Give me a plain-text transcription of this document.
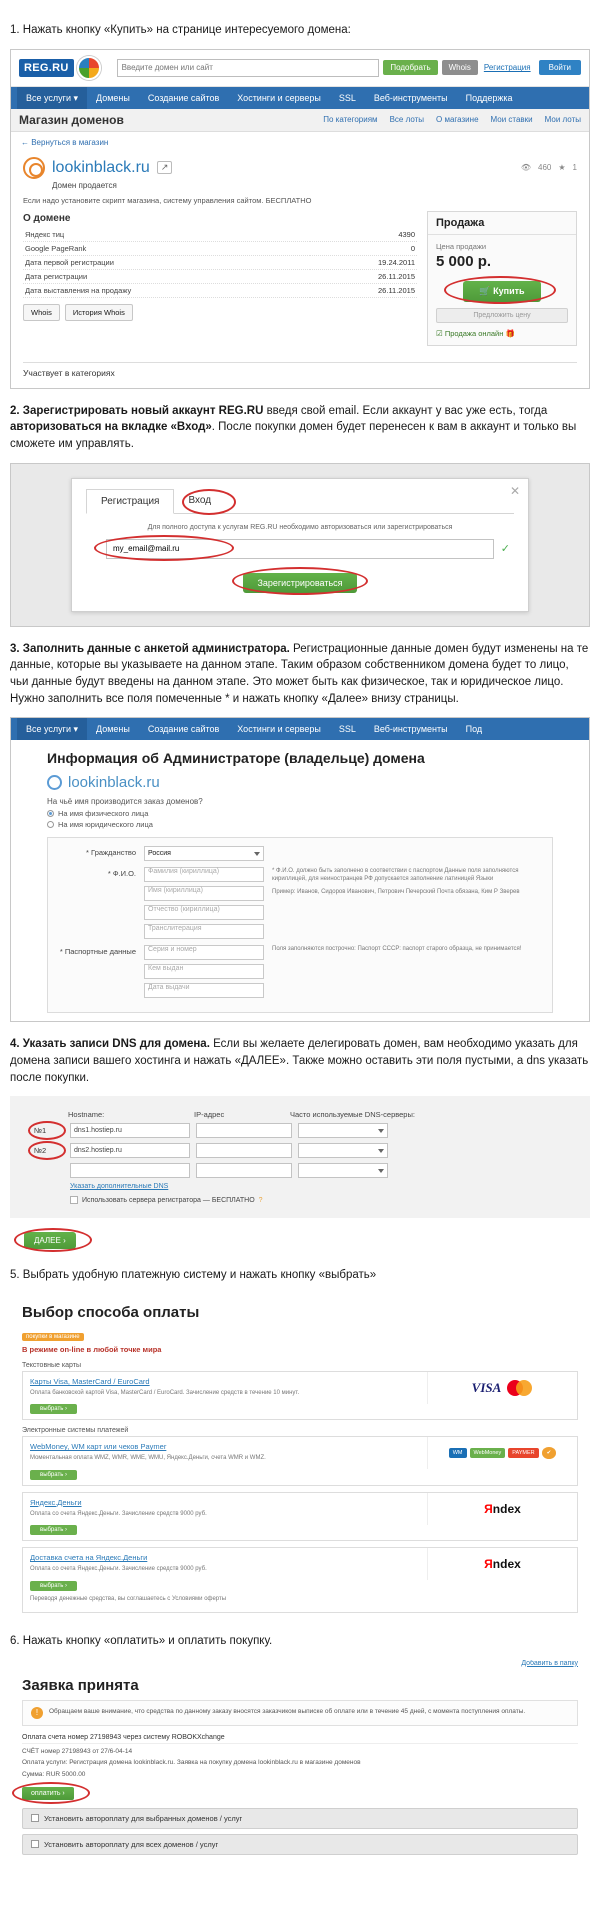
1. Нажать кнопку «Купить» на странице интересуемого домена:
REG.RU
Введите домен или сайт	Подобрать	Whois	Регистрация	Войти
Все услуги ▾	Домены	Создание сайтов	Хостинги и серверы	SSL	Веб-инструменты	Поддержка
Магазин доменов	По категориям Все лоты О магазине Мои ставки Мои лоты
← Вернуться в магазин
lookinblack.ru	↗	👁 460 ★ 1
Домен продается
Если надо установите скрипт магазина, систему управления сайтом. БЕСПЛАТНО
О домене
Яндекс тиц	4390
Google PageRank	0
Дата первой регистрации	19.24.2011
Дата регистрации	26.11.2015
Дата выставления на продажу	26.11.2015
Whois	История Whois
Продажа
Цена продажи
5 000 р.
🛒 Купить
Предложить цену
☑ Продажа онлайн 🎁
Участвует в категориях
2. Зарегистрировать новый аккаунт REG.RU введя свой email. Если аккаунт у вас уже есть, тогда авторизоваться на вкладке «Вход». После покупки домен будет перенесен к вам в аккаунт и только вы сможете им управлять.
✕
Регистрация	Вход

Для полного доступа к услугам REG.RU необходимо авторизоваться или зарегистрироваться

my_email@mail.ru
✓
Зарегистрироваться
3. Заполнить данные с анкетой администратора. Регистрационные данные домен будут изменены на те данные, которые вы указываете на данном этапе. Таким образом собственником домена будет то лицо, чьи данные будут введены на данном этапе. Это может быть как физическое, так и юридическое лицо. Нужно заполнить все поля помеченные * и нажать кнопку «Далее» внизу страницы.
Все услуги ▾	Домены	Создание сайтов	Хостинги и серверы	SSL	Веб-инструменты	Под
Информация об Администраторе (владельце) домена
lookinblack.ru
На чьё имя производится заказ доменов?
На имя физического лица
На имя юридического лица
* Гражданство Россия
* Ф.И.О.	Фамилия (кириллица)
Имя (кириллица)
Отчество (кириллица)
Транслитерация
* Ф.И.О. должно быть заполнено в соответствии с паспортом Данные поля заполняются кириллицей, для неиностранцев РФ допускается заполнение латиницей Языки
Пример: Иванов, Сидоров Иванович, Петрович Печерский Почта обязана, Ким Р Зверев
* Паспортные данные	Серия и номер
Кем выдан
Дата выдачи
Поля заполняются построчно: Паспорт СССР: паспорт старого образца, не принимается!
4. Указать записи DNS для домена. Если вы желаете делегировать домен, вам необходимо указать для домена записи вашего хостинга и нажать «ДАЛЕЕ». Также можно оставить эти поля пустыми, а dns указать после покупки.
Hostname:	IP-адрес	Часто используемые DNS-серверы:
№1	dns1.hostiep.ru
№2	dns2.hostiep.ru
Указать дополнительные DNS
Использовать сервера регистратора — БЕСПЛАТНО ?
ДАЛЕЕ ›
5. Выбрать удобную платежную систему и нажать кнопку «выбрать»
Выбор способа оплаты
покупки в магазине
В режиме on-line в любой точке мира
Текстовные карты
Карты Visa, MasterCard / EuroCard
Оплата банковской картой Visa, MasterCard / EuroCard. Зачисление средств в течение 10 минут.
выбрать ›
VISA
Электронные системы платежей
WebMoney, WM карт или чеков Paymer
Моментальная оплата WMZ, WMR, WME, WMU, Яндекс.Деньги, счета WMR и WMZ.
выбрать ›
WM	WebMoney	PAYMER	✔
Яндекс.Деньги
Оплата со счета Яндекс.Деньги. Зачисление средств 9000 руб.
выбрать ›
Яndex
Доставка счета на Яндекс.Деньги
Оплата со счета Яндекс.Деньги. Зачисление средств 9000 руб.
выбрать ›
Переводя денежные средства, вы соглашаетесь с Условиями оферты
Яndex
6. Нажать кнопку «оплатить» и оплатить покупку.
Добавить в папку
Заявка принята
!	Обращаем ваше внимание, что средства по данному заказу вносятся заказчиком выписке об оплате или в течение 45 дней, с момента поступления оплаты.
Оплата счета номер 27198943 через систему ROBOKXchange
СЧЁТ номер 27198943 от 27/6-04-14
Оплата услуги: Регистрация домена lookinblack.ru. Заявка на покупку домена lookinblack.ru в магазине доменов
Сумма: RUR 5000.00
оплатить ›
Установить автороплату для выбранных доменов / услуг
Установить автороплату для всех доменов / услуг
